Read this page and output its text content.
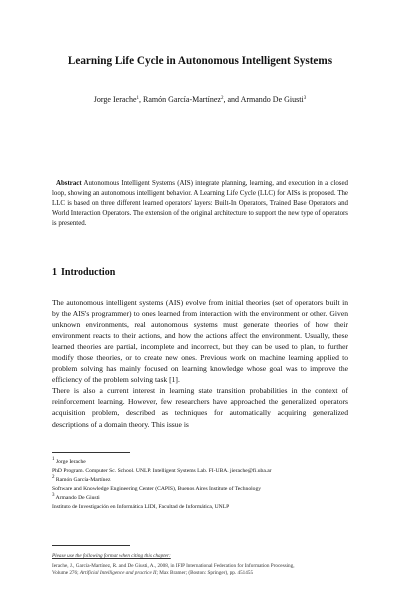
Learning Life Cycle in Autonomous Intelligent Systems
Jorge Ierache$^1$, Ramón García-Martínez$^2$, and Armando De Giusti$^3$
Abstract Autonomous Intelligent Systems (AIS) integrate planning, learning, and execution in a closed loop, showing an autonomous intelligent behavior. A Learning Life Cycle (LLC) for AISs is proposed. The LLC is based on three different learned operators' layers: Built-In Operators, Trained Base Operators and World Interaction Operators. The extension of the original architecture to support the new type of operators is presented.
1 Introduction

The autonomous intelligent systems (AIS) evolve from initial theories (set of operators built in by the AIS's programmer) to ones learned from interaction with the environment or other. Given unknown environments, real autonomous systems must generate theories of how their environment reacts to their actions, and how the actions affect the environment. Usually, these learned theories are partial, incomplete and incorrect, but they can be used to plan, to further modify those theories, or to create new ones. Previous work on machine learning applied to problem solving has mainly focused on learning knowledge whose goal was to improve the efficiency of the problem solving task [1].

There is also a current interest in learning state transition probabilities in the context of reinforcement learning. However, few researchers have approached the generalized operators acquisition problem, described as techniques for automatically acquiring generalized descriptions of a domain theory. This issue is

$^1$ Jorge Ierache
PhD Program. Computer Sc. School. UNLP. Intelligent Systems Lab. FI-UBA. jierache@fi.uba.ar
$^2$ Ramón García-Martínez
Software and Knowledge Engineering Center (CAPIS), Buenos Aires Institute of Technology
$^3$ Armando De Giusti
Instituto de Investigación en Informática LIDI, Facultad de Informática, UNLP
Please use the following format when citing this chapter:
Ierache, J., García-Martínez, R. and De Giusti, A., 2008, in IFIP International Federation for Information Processing,
Volume 276; Artificial Intelligence and practice II; Max Bramer; (Boston: Springer), pp. 451455
